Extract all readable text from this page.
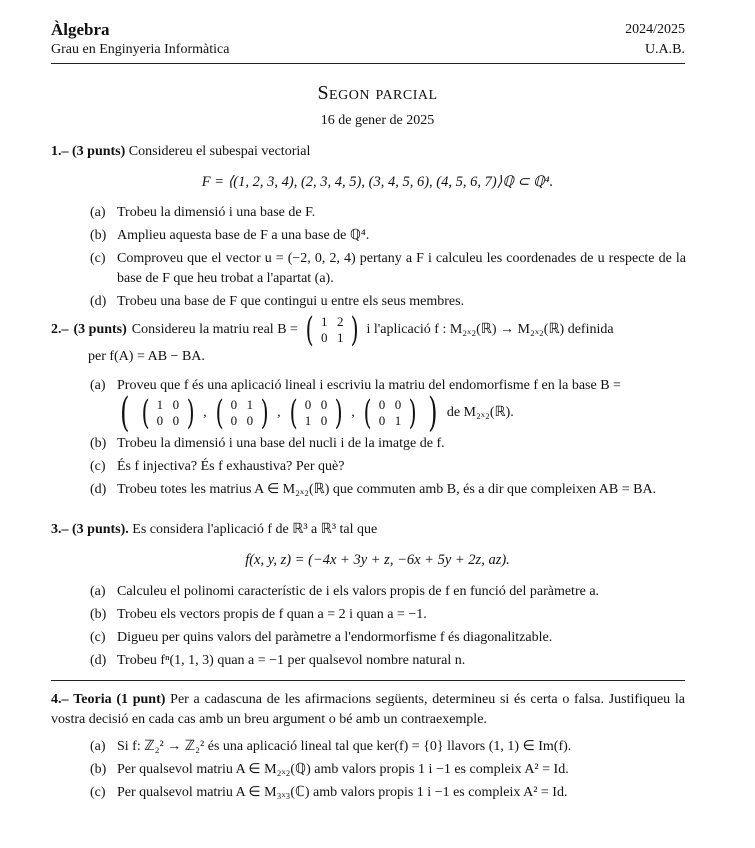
Àlgebra
Grau en Enginyeria Informàtica
2024/2025
U.A.B.
Segon parcial
16 de gener de 2025
1.– (3 punts) Considereu el subespai vectorial
F = ⟨(1, 2, 3, 4), (2, 3, 4, 5), (3, 4, 5, 6), (4, 5, 6, 7)⟩ℚ ⊂ ℚ⁴.
(a) Trobeu la dimensió i una base de F.
(b) Amplieu aquesta base de F a una base de ℚ⁴.
(c) Comproveu que el vector u = (−2, 0, 2, 4) pertany a F i calculeu les coordenades de u respecte de la base de F que heu trobat a l'apartat (a).
(d) Trobeu una base de F que contingui u entre els seus membres.
2.– (3 punts) Considereu la matriu real B = ( 1 2
0 1 ) i l'aplicació f : M₂ₓ₂(ℝ) → M₂ₓ₂(ℝ) definida
per f(A) = AB − BA.
(a) Proveu que f és una aplicació lineal i escriviu la matriu del endomorfisme f en la base B =
( ( 1 0
0 0 ) , ( 0 1
0 0 ) , ( 0 0
1 0 ) , ( 0 0
0 1 ) ) de M₂ₓ₂(ℝ).
(b) Trobeu la dimensió i una base del nucli i de la imatge de f.
(c) És f injectiva? És f exhaustiva? Per què?
(d) Trobeu totes les matrius A ∈ M₂ₓ₂(ℝ) que commuten amb B, és a dir que compleixen AB = BA.
3.– (3 punts). Es considera l'aplicació f de ℝ³ a ℝ³ tal que
f(x, y, z) = (−4x + 3y + z, −6x + 5y + 2z, az).
(a) Calculeu el polinomi característic de i els valors propis de f en funció del paràmetre a.
(b) Trobeu els vectors propis de f quan a = 2 i quan a = −1.
(c) Digueu per quins valors del paràmetre a l'endormorfisme f és diagonalitzable.
(d) Trobeu fⁿ(1, 1, 3) quan a = −1 per qualsevol nombre natural n.
4.– Teoria (1 punt) Per a cadascuna de les afirmacions següents, determineu si és certa o falsa. Justifiqueu la vostra decisió en cada cas amb un breu argument o bé amb un contraexemple.
(a) Si f: ℤ₂² → ℤ₂² és una aplicació lineal tal que ker(f) = {0} llavors (1, 1) ∈ Im(f).
(b) Per qualsevol matriu A ∈ M₂ₓ₂(ℚ) amb valors propis 1 i −1 es compleix A² = Id.
(c) Per qualsevol matriu A ∈ M₃ₓ₃(ℂ) amb valors propis 1 i −1 es compleix A² = Id.
